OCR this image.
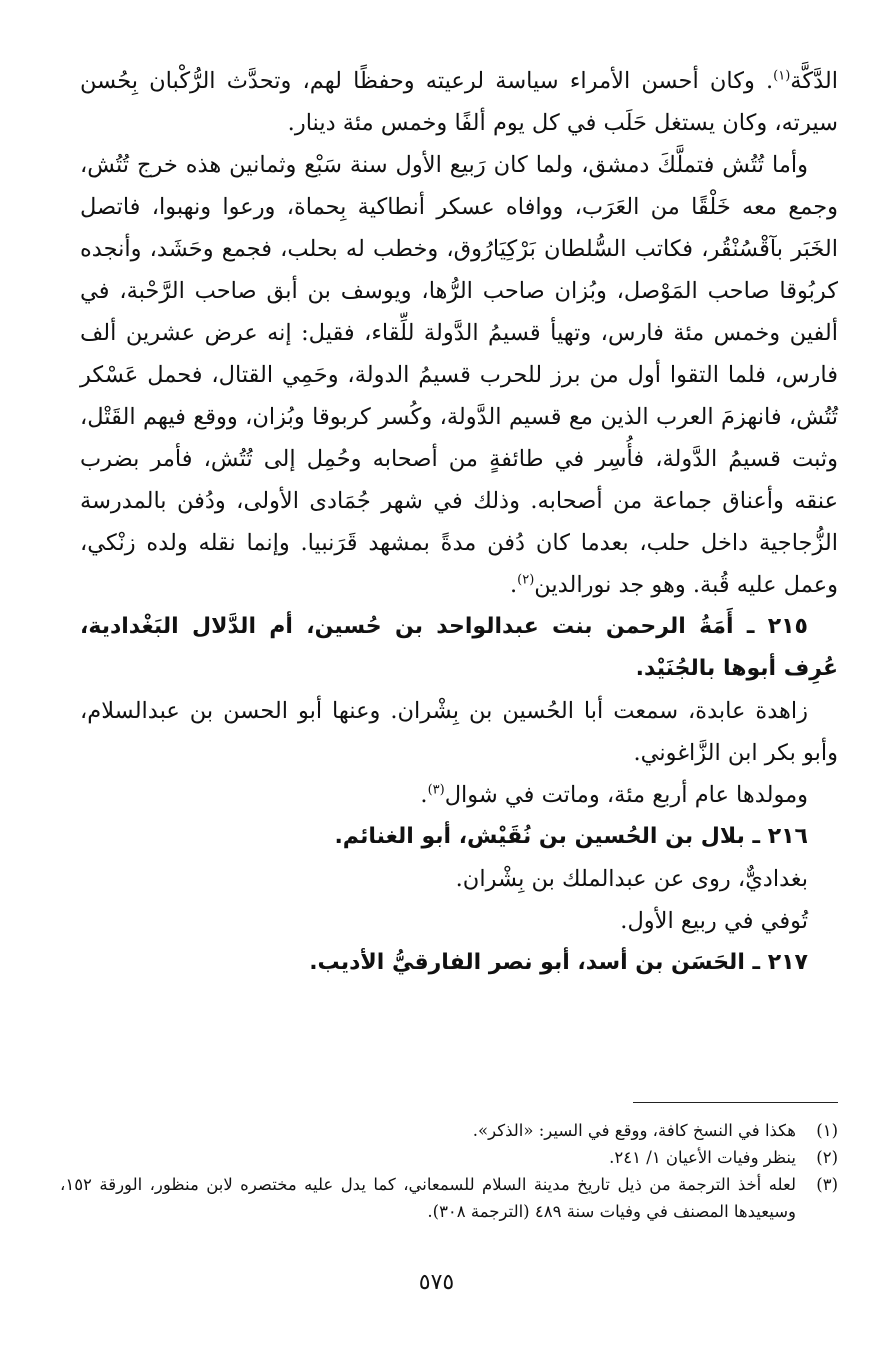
الدَّكَّة$^{(١)}$. وكان أحسن الأمراء سياسة لرعيته وحفظًا لهم، وتحدَّث الرُّكْبان بِحُسن سيرته، وكان يستغل حَلَب في كل يوم ألفًا وخمس مئة دينار.

وأما تُتُش فتملَّكَ دمشق، ولما كان رَبيع الأول سنة سَبْع وثمانين هذه خرج تُتُش، وجمع معه خَلْقًا من العَرَب، ووافاه عسكر أنطاكية بِحماة، ورعوا ونهبوا، فاتصل الخَبَر بآقْسُنْقُر، فكاتب السُّلطان بَرْكِيَارُوق، وخطب له بحلب، فجمع وحَشَد، وأنجده كربُوقا صاحب المَوْصل، وبُزان صاحب الرُّها، ويوسف بن أبق صاحب الرَّحْبة، في ألفين وخمس مئة فارس، وتهيأ قسيمُ الدَّولة للِّقاء، فقيل: إنه عرض عشرين ألف فارس، فلما التقوا أول من برز للحرب قسيمُ الدولة، وحَمِي القتال، فحمل عَسْكر تُتُش، فانهزمَ العرب الذين مع قسيم الدَّولة، وكُسر كربوقا وبُزان، ووقع فيهم القَتْل، وثبت قسيمُ الدَّولة، فأُسِر في طائفةٍ من أصحابه وحُمِل إلى تُتُش، فأمر بضرب عنقه وأعناق جماعة من أصحابه. وذلك في شهر جُمَادى الأولى، ودُفن بالمدرسة الزُّجاجية داخل حلب، بعدما كان دُفن مدةً بمشهد قَرَنبيا. وإنما نقله ولده زنْكي، وعمل عليه قُبة. وهو جد نورالدين$^{(٢)}$.

٢١٥ ـ أَمَةُ الرحمن بنت عبدالواحد بن حُسين، أم الدَّلال البَغْدادية، عُرِف أبوها بالجُنَيْد.

زاهدة عابدة، سمعت أبا الحُسين بن بِشْران. وعنها أبو الحسن بن عبدالسلام، وأبو بكر ابن الزَّاغوني.

ومولدها عام أربع مئة، وماتت في شوال$^{(٣)}$.

٢١٦ ـ بلال بن الحُسين بن نُقَيْش، أبو الغنائم.

بغداديٌّ، روى عن عبدالملك بن بِشْران.

تُوفي في ربيع الأول.

٢١٧ ـ الحَسَن بن أسد، أبو نصر الفارقيُّ الأديب.

(١)
هكذا في النسخ كافة، ووقع في السير: «الذكر».
(٢)
ينظر وفيات الأعيان ١/ ٢٤١.
(٣)
لعله أخذ الترجمة من ذيل تاريخ مدينة السلام للسمعاني، كما يدل عليه مختصره لابن منظور، الورقة ١٥٢، وسيعيدها المصنف في وفيات سنة ٤٨٩ (الترجمة ٣٠٨).
٥٧٥
